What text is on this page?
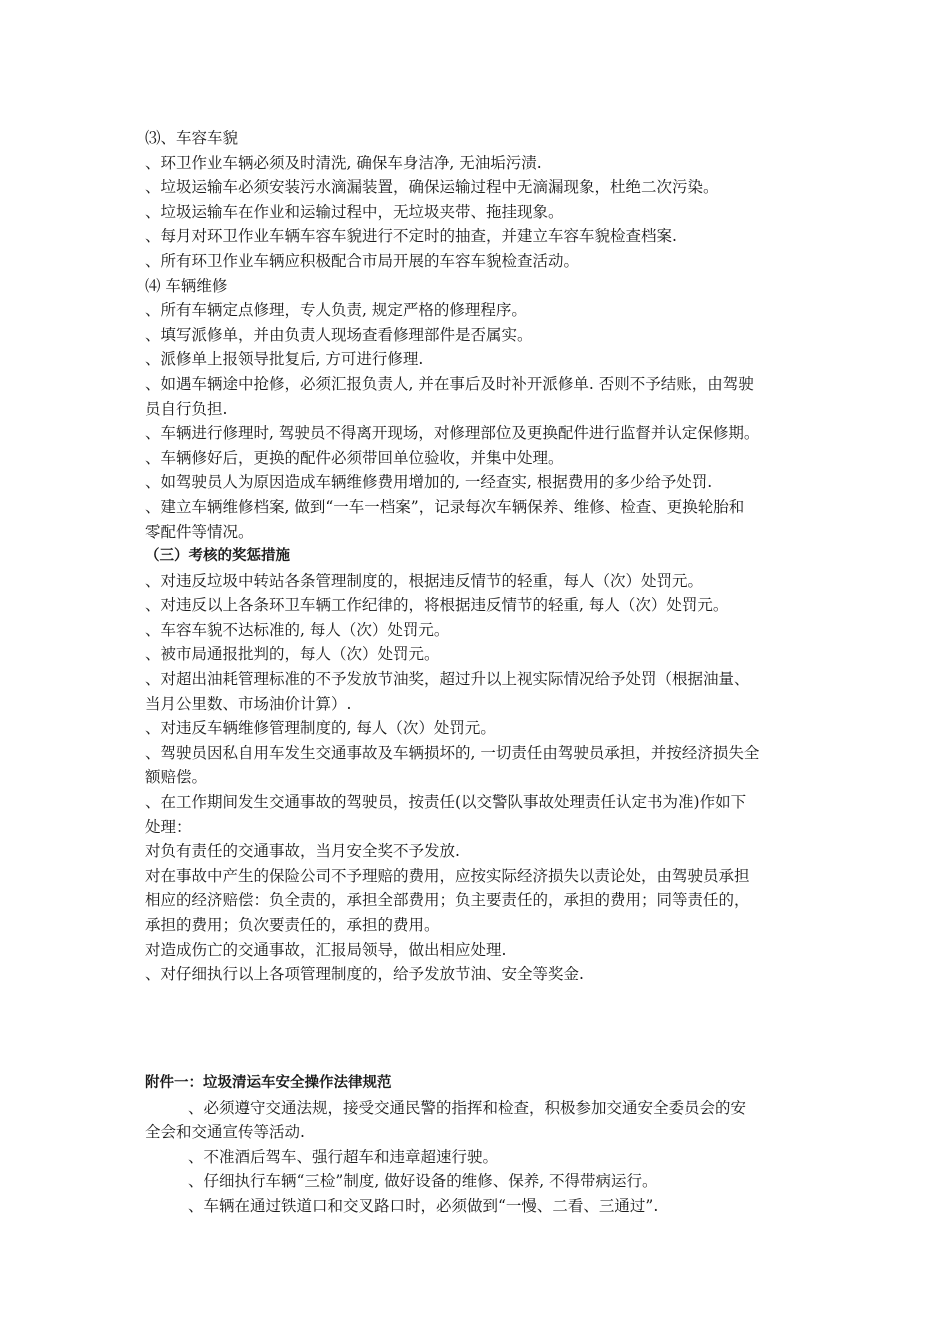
⑶、车容车貌
、环卫作业车辆必须及时清洗, 确保车身洁净, 无油垢污渍.
、垃圾运输车必须安装污水滴漏装置，确保运输过程中无滴漏现象，杜绝二次污染。
、垃圾运输车在作业和运输过程中，无垃圾夹带、拖挂现象。
、每月对环卫作业车辆车容车貌进行不定时的抽查，并建立车容车貌检查档案.
、所有环卫作业车辆应积极配合市局开展的车容车貌检查活动。
⑷ 车辆维修
、所有车辆定点修理，专人负责, 规定严格的修理程序。
、填写派修单，并由负责人现场查看修理部件是否属实。
、派修单上报领导批复后, 方可进行修理.
、如遇车辆途中抢修，必须汇报负责人, 并在事后及时补开派修单. 否则不予结账，由驾驶
员自行负担.
、车辆进行修理时, 驾驶员不得离开现场，对修理部位及更换配件进行监督并认定保修期。
、车辆修好后，更换的配件必须带回单位验收，并集中处理。
、如驾驶员人为原因造成车辆维修费用增加的, 一经查实, 根据费用的多少给予处罚.
、建立车辆维修档案, 做到“一车一档案”，记录每次车辆保养、维修、检查、更换轮胎和
零配件等情况。
（三）考核的奖惩措施
、对违反垃圾中转站各条管理制度的，根据违反情节的轻重，每人（次）处罚元。
、对违反以上各条环卫车辆工作纪律的，将根据违反情节的轻重, 每人（次）处罚元。
、车容车貌不达标准的, 每人（次）处罚元。
、被市局通报批判的，每人（次）处罚元。
、对超出油耗管理标准的不予发放节油奖，超过升以上视实际情况给予处罚（根据油量、
当月公里数、市场油价计算）.
、对违反车辆维修管理制度的, 每人（次）处罚元。
、驾驶员因私自用车发生交通事故及车辆损坏的, 一切责任由驾驶员承担，并按经济损失全
额赔偿。
、在工作期间发生交通事故的驾驶员，按责任(以交警队事故处理责任认定书为准)作如下
处理：
对负有责任的交通事故，当月安全奖不予发放.
对在事故中产生的保险公司不予理赔的费用，应按实际经济损失以责论处，由驾驶员承担
相应的经济赔偿：负全责的，承担全部费用；负主要责任的，承担的费用；同等责任的，
承担的费用；负次要责任的，承担的费用。
对造成伤亡的交通事故，汇报局领导，做出相应处理.
、对仔细执行以上各项管理制度的，给予发放节油、安全等奖金.
附件一：垃圾清运车安全操作法律规范
、必须遵守交通法规，接受交通民警的指挥和检查，积极参加交通安全委员会的安
全会和交通宣传等活动.
、不准酒后驾车、强行超车和违章超速行驶。
、仔细执行车辆“三检”制度, 做好设备的维修、保养, 不得带病运行。
、车辆在通过铁道口和交叉路口时，必须做到“一慢、二看、三通过”.
